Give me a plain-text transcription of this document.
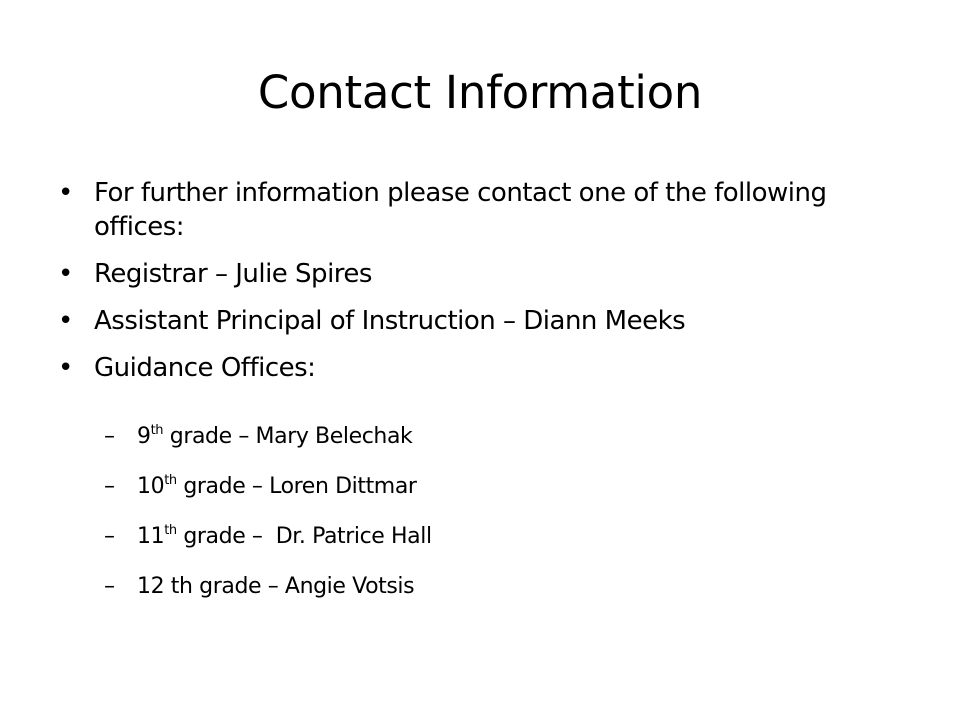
Contact Information
• For further information please contact one of the following offices:
• Registrar – Julie Spires
• Assistant Principal of Instruction – Diann Meeks
• Guidance Offices:
– 9th grade – Mary Belechak
– 10th grade – Loren Dittmar
– 11th grade –  Dr. Patrice Hall
– 12 th grade – Angie Votsis
